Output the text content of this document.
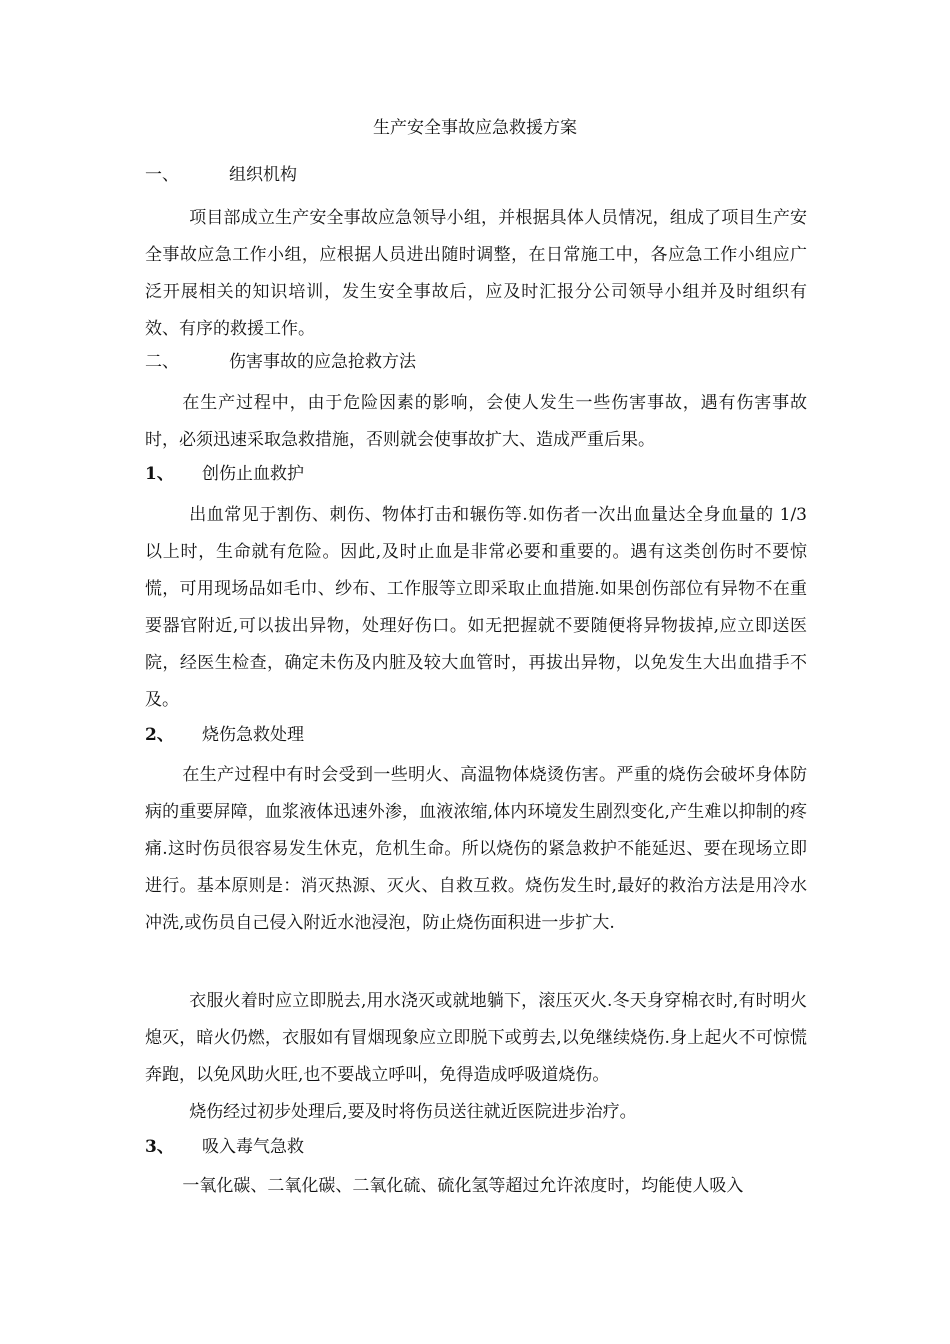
生产安全事故应急救援方案
一、	组织机构

项目部成立生产安全事故应急领导小组，并根据具体人员情况，组成了项目生产安全事故应急工作小组，应根据人员进出随时调整，在日常施工中，各应急工作小组应广泛开展相关的知识培训，发生安全事故后，应及时汇报分公司领导小组并及时组织有效、有序的救援工作。

二、	伤害事故的应急抢救方法

在生产过程中，由于危险因素的影响，会使人发生一些伤害事故，遇有伤害事故时，必须迅速采取急救措施，否则就会使事故扩大、造成严重后果。

1、 创伤止血救护

出血常见于割伤、刺伤、物体打击和辗伤等.如伤者一次出血量达全身血量的 1/3 以上时，生命就有危险。因此,及时止血是非常必要和重要的。遇有这类创伤时不要惊慌，可用现场品如毛巾、纱布、工作服等立即采取止血措施.如果创伤部位有异物不在重要器官附近,可以拔出异物，处理好伤口。如无把握就不要随便将异物拔掉,应立即送医院，经医生检查，确定未伤及内脏及较大血管时，再拔出异物，以免发生大出血措手不及。

2、 烧伤急救处理

在生产过程中有时会受到一些明火、高温物体烧烫伤害。严重的烧伤会破坏身体防病的重要屏障，血浆液体迅速外渗，血液浓缩,体内环境发生剧烈变化,产生难以抑制的疼痛.这时伤员很容易发生休克，危机生命。所以烧伤的紧急救护不能延迟、要在现场立即进行。基本原则是：消灭热源、灭火、自救互救。烧伤发生时,最好的救治方法是用冷水冲洗,或伤员自己侵入附近水池浸泡，防止烧伤面积进一步扩大.

衣服火着时应立即脱去,用水浇灭或就地躺下，滚压灭火.冬天身穿棉衣时,有时明火熄灭，暗火仍燃，衣服如有冒烟现象应立即脱下或剪去,以免继续烧伤.身上起火不可惊慌奔跑，以免风助火旺,也不要战立呼叫，免得造成呼吸道烧伤。

烧伤经过初步处理后,要及时将伤员送往就近医院进步治疗。

3、 吸入毒气急救

一氧化碳、二氧化碳、二氧化硫、硫化氢等超过允许浓度时，均能使人吸入
